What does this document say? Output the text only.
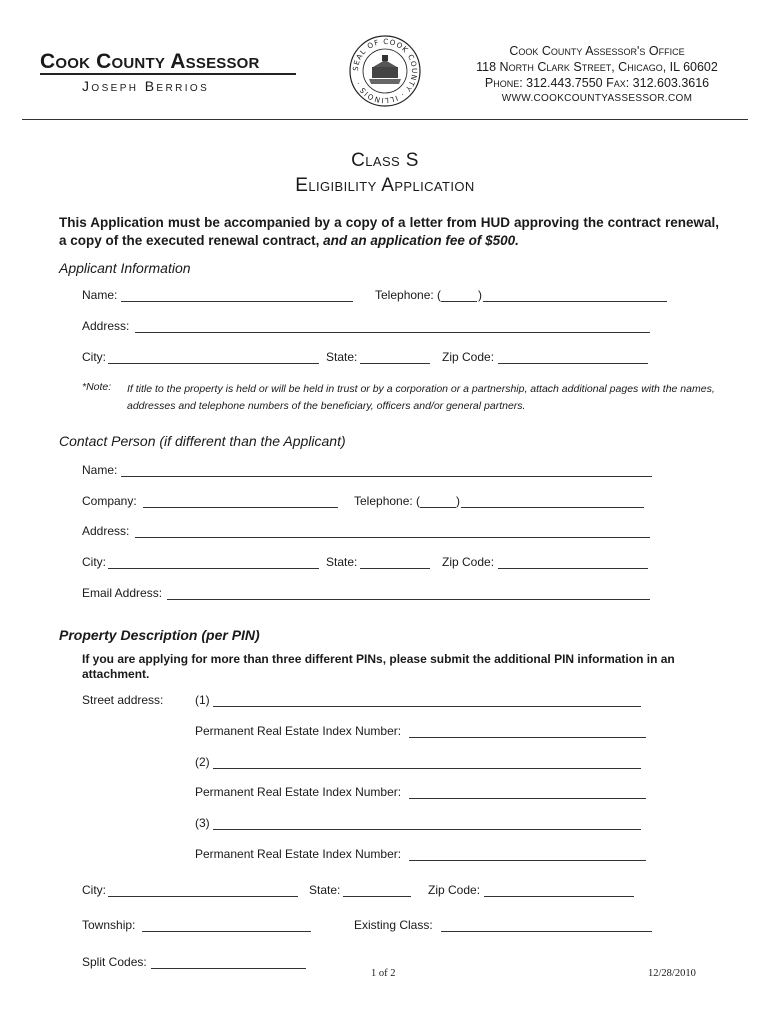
Cook County Assessor
Joseph Berrios
SEAL OF COOK COUNTY · ILLINOIS ·
Cook County Assessor's Office
118 North Clark Street, Chicago, IL 60602
Phone: 312.443.7550 Fax: 312.603.3616
WWW.COOKCOUNTYASSESSOR.COM
Class S
Eligibility Application
This Application must be accompanied by a copy of a letter from HUD approving the contract renewal, a copy of the executed renewal contract, and an application fee of $500.
Applicant Information
Name:	Telephone: (	)
Address:
City:	State:	Zip Code:
*Note: If title to the property is held or will be held in trust or by a corporation or a partnership, attach additional pages with the names, addresses and telephone numbers of the beneficiary, officers and/or general partners.
Contact Person (if different than the Applicant)
Name:
Company:	Telephone: (	)
Address:
City:	State:	Zip Code:
Email Address:
Property Description (per PIN)
If you are applying for more than three different PINs, please submit the additional PIN information in an attachment.
Street address:	(1)
Permanent Real Estate Index Number:
(2)
Permanent Real Estate Index Number:
(3)
Permanent Real Estate Index Number:
City:	State:	Zip Code:
Township:	Existing Class:
Split Codes:
1 of 2	12/28/2010
